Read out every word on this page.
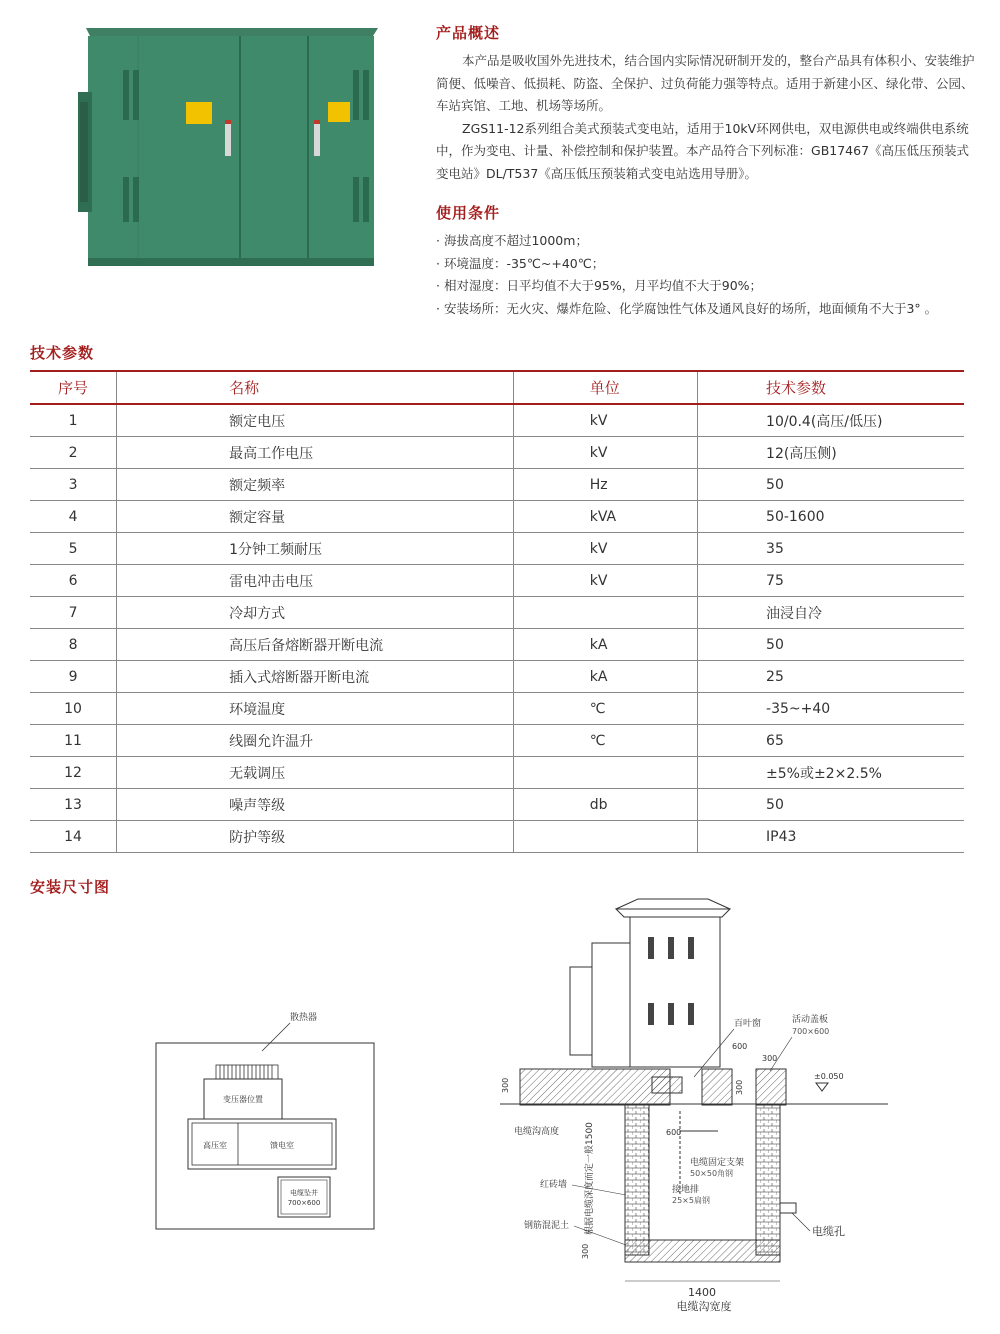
产品概述

本产品是吸收国外先进技术，结合国内实际情况研制开发的，整台产品具有体积小、安装维护简便、低噪音、低损耗、防盗、全保护、过负荷能力强等特点。适用于新建小区、绿化带、公园、车站宾馆、工地、机场等场所。

ZGS11-12系列组合美式预装式变电站，适用于10kV环网供电，双电源供电或终端供电系统中，作为变电、计量、补偿控制和保护装置。本产品符合下列标准：GB17467《高压低压预装式变电站》DL/T537《高压低压预装箱式变电站选用导册》。

使用条件
· 海拔高度不超过1000m；
· 环境温度：-35℃~+40℃；
· 相对湿度：日平均值不大于95%，月平均值不大于90%；
· 安装场所：无火灾、爆炸危险、化学腐蚀性气体及通风良好的场所，地面倾角不大于3° 。
技术参数
序号	名称	单位	技术参数
1	额定电压	kV	10/0.4(高压/低压)
2	最高工作电压	kV	12(高压侧)
3	额定频率	Hz	50
4	额定容量	kVA	50-1600
5	1分钟工频耐压	kV	35
6	雷电冲击电压	kV	75
7	冷却方式		油浸自冷
8	高压后备熔断器开断电流	kA	50
9	插入式熔断器开断电流	kA	25
10	环境温度	℃	-35~+40
11	线圈允许温升	℃	65
12	无载调压		±5%或±2×2.5%
13	噪声等级	db	50
14	防护等级		IP43
安装尺寸图
散热器
变压器位置
高压室	馈电室
电缆坠井
700×600
百叶窗	活动盖板
700×600
600
300
300	300
±0.050
600
电缆沟高度	根据电缆深度而定一般1500	电缆固定支架
50×50角钢
接地排
25×5扁钢
红砖墙
钢筋混泥土
300
电缆孔
1400
电缆沟宽度
